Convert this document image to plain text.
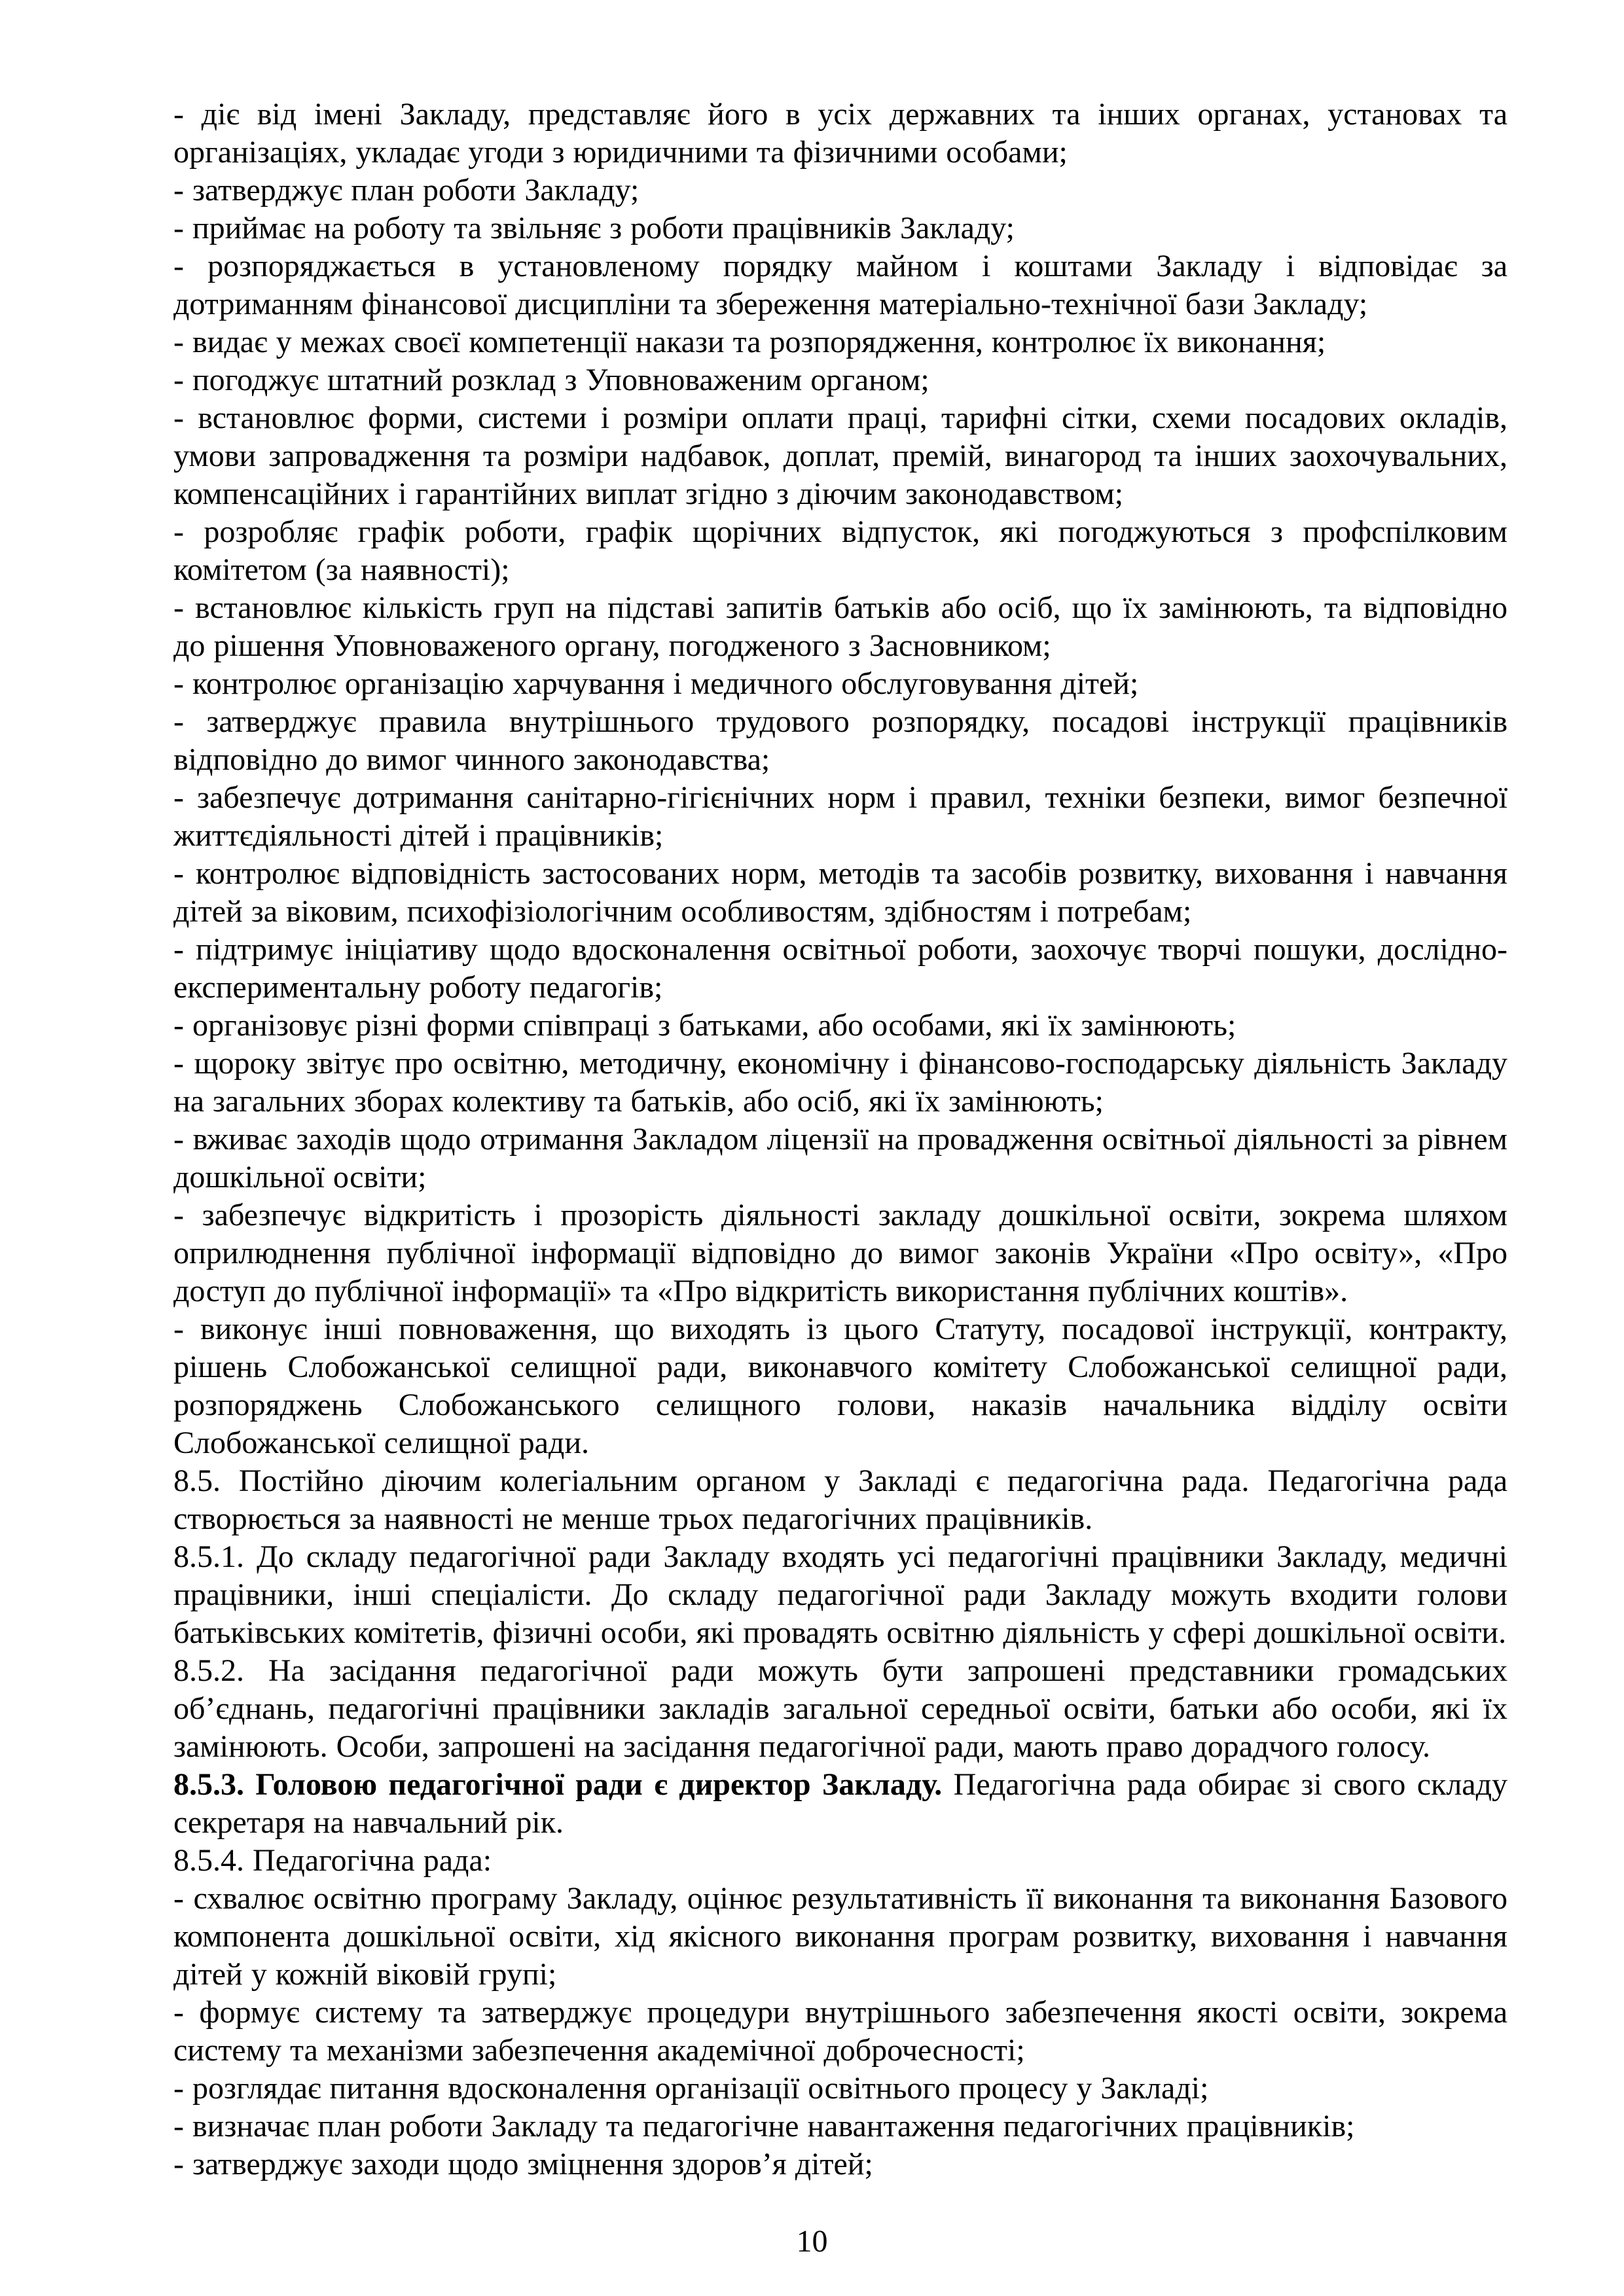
- діє від імені Закладу, представляє його в усіх державних та інших органах, установах та організаціях, укладає угоди з юридичними та фізичними особами;

- затверджує план роботи Закладу;

- приймає на роботу та звільняє з роботи працівників Закладу;

- розпоряджається в установленому порядку майном і коштами Закладу і відповідає за дотриманням фінансової дисципліни та збереження матеріально-технічної бази Закладу;

- видає у межах своєї компетенції накази та розпорядження, контролює їх виконання;

- погоджує штатний розклад з Уповноваженим органом;

- встановлює форми, системи і розміри оплати праці, тарифні сітки, схеми посадових окладів, умови запровадження та розміри надбавок, доплат, премій, винагород та інших заохочувальних, компенсаційних і гарантійних виплат згідно з діючим законодавством;

- розробляє графік роботи, графік щорічних відпусток, які погоджуються з профспілковим комітетом (за наявності);

- встановлює кількість груп на підставі запитів батьків або осіб, що їх замінюють, та відповідно до рішення Уповноваженого органу, погодженого з Засновником;

- контролює організацію харчування і медичного обслуговування дітей;

- затверджує правила внутрішнього трудового розпорядку, посадові інструкції працівників відповідно до вимог чинного законодавства;

- забезпечує дотримання санітарно-гігієнічних норм і правил, техніки безпеки, вимог безпечної життєдіяльності дітей і працівників;

- контролює відповідність застосованих норм, методів та засобів розвитку, виховання і навчання дітей за віковим, психофізіологічним особливостям, здібностям і потребам;

- підтримує ініціативу щодо вдосконалення освітньої роботи, заохочує творчі пошуки, дослідно-експериментальну роботу педагогів;

- організовує різні форми співпраці з батьками, або особами, які їх замінюють;

- щороку звітує про освітню, методичну, економічну і фінансово-господарську діяльність Закладу на загальних зборах колективу та батьків, або осіб, які їх замінюють;

- вживає заходів щодо отримання Закладом ліцензії на провадження освітньої діяльності за рівнем дошкільної освіти;

- забезпечує відкритість і прозорість діяльності закладу дошкільної освіти, зокрема шляхом оприлюднення публічної інформації відповідно до вимог законів України «Про освіту», «Про доступ до публічної інформації» та «Про відкритість використання публічних коштів».

- виконує інші повноваження, що виходять із цього Статуту, посадової інструкції, контракту, рішень Слобожанської селищної ради, виконавчого комітету Слобожанської селищної ради, розпоряджень Слобожанського селищного голови, наказів начальника відділу освіти Слобожанської селищної ради.

8.5. Постійно діючим колегіальним органом у Закладі є педагогічна рада. Педагогічна рада створюється за наявності не менше трьох педагогічних працівників.

8.5.1. До складу педагогічної ради Закладу входять усі педагогічні працівники Закладу, медичні працівники, інші спеціалісти. До складу педагогічної ради Закладу можуть входити голови батьківських комітетів, фізичні особи, які провадять освітню діяльність у сфері дошкільної освіти.

8.5.2. На засідання педагогічної ради можуть бути запрошені представники громадських об’єднань, педагогічні працівники закладів загальної середньої освіти, батьки або особи, які їх замінюють. Особи, запрошені на засідання педагогічної ради, мають право дорадчого голосу.

8.5.3. Головою педагогічної ради є директор Закладу. Педагогічна рада обирає зі свого складу секретаря на навчальний рік.

8.5.4. Педагогічна рада:

- схвалює освітню програму Закладу, оцінює результативність її виконання та виконання Базового компонента дошкільної освіти, хід якісного виконання програм розвитку, виховання і навчання дітей у кожній віковій групі;

- формує систему та затверджує процедури внутрішнього забезпечення якості освіти, зокрема систему та механізми забезпечення академічної доброчесності;

- розглядає питання вдосконалення організації освітнього процесу у Закладі;

- визначає план роботи Закладу та педагогічне навантаження педагогічних працівників;

- затверджує заходи щодо зміцнення здоров’я дітей;

10
